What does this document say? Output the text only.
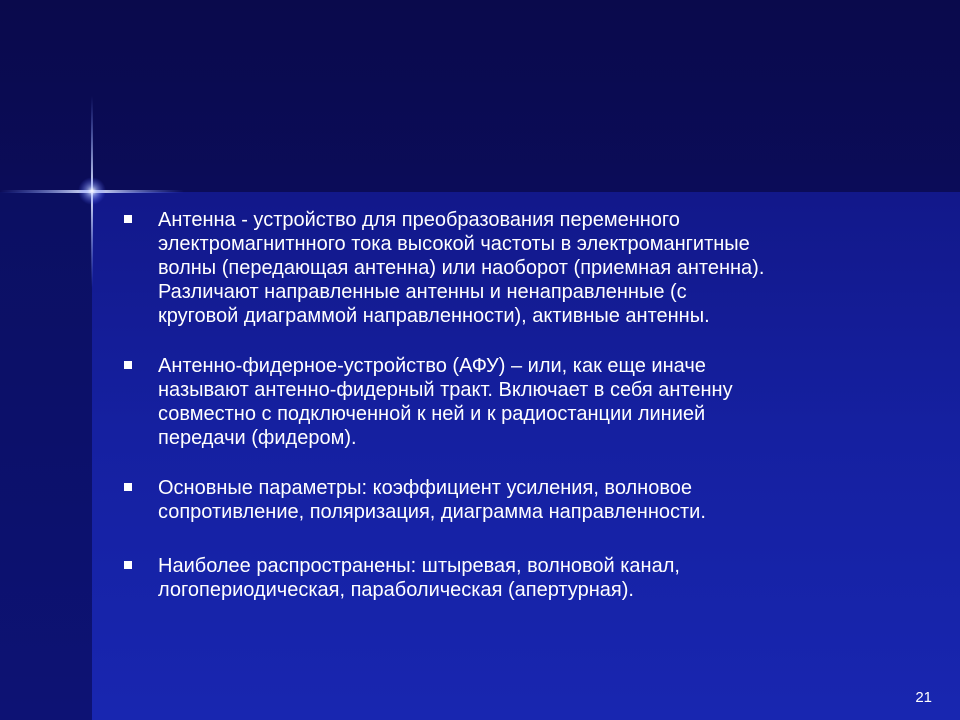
Антенна - устройство для преобразования переменного
электромагнитнного тока высокой частоты в электромангитные
волны (передающая антенна) или наоборот (приемная антенна).
Различают направленные антенны и ненаправленные (с
круговой диаграммой направленности), активные антенны.
Антенно-фидерное-устройство (АФУ) – или, как еще иначе
называют антенно-фидерный тракт. Включает в себя антенну
совместно с подключенной к ней и к радиостанции линией
передачи (фидером).
Основные параметры: коэффициент усиления, волновое
сопротивление, поляризация, диаграмма направленности.
Наиболее распространены: штыревая, волновой канал,
логопериодическая, параболическая (апертурная).
21
